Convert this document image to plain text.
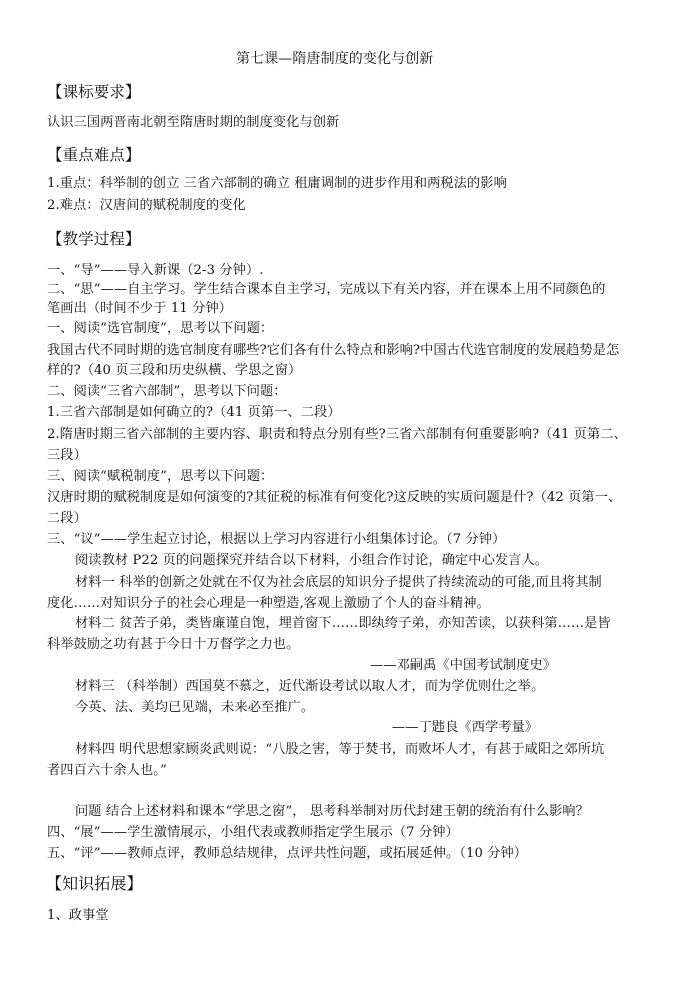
第七课—隋唐制度的变化与创新
【课标要求】
认识三国两晋南北朝至隋唐时期的制度变化与创新
【重点难点】
1.重点：科举制的创立 三省六部制的确立 租庸调制的进步作用和两税法的影响
2.难点：汉唐间的赋税制度的变化
【教学过程】
一、“导”——导入新课（2-3 分钟）.
二、“思”——自主学习。学生结合课本自主学习，完成以下有关内容，并在课本上用不同颜色的
笔画出（时间不少于 11 分钟）
一、阅读“选官制度”，思考以下问题：
我国古代不同时期的选官制度有哪些?它们各有什么特点和影响?中国古代选官制度的发展趋势是怎
样的?（40 页三段和历史纵横、学思之窗）
二、阅读“三省六部制”，思考以下问题：
1.三省六部制是如何确立的?（41 页第一、二段）
2.隋唐时期三省六部制的主要内容、职责和特点分别有些?三省六部制有何重要影响?（41 页第二、
三段）
三、阅读“赋税制度”，思考以下问题：
汉唐时期的赋税制度是如何演变的?其征税的标准有何变化?这反映的实质问题是什?（42 页第一、
二段）
三、“议”——学生起立讨论，根据以上学习内容进行小组集体讨论。（7 分钟）
阅读教材 P22 页的问题探究并结合以下材料，小组合作讨论，确定中心发言人。
材料一 科举的创新之处就在不仅为社会底层的知识分子提供了持续流动的可能,而且将其制
度化……对知识分子的社会心理是一种塑造,客观上激励了个人的奋斗精神。
材料二 贫苦子弟，类皆廉谨自饱，埋首窗下……即纨绔子弟，亦知苦读，以获科第……是皆
科举鼓励之功有甚于今日十万督学之力也。
——邓嗣禹《中国考试制度史》
材料三 （科举制）西国莫不慕之，近代渐设考试以取人才，而为学优则仕之举。
今英、法、美均已见端，未来必至推广。
——丁韪良《西学考量》
材料四 明代思想家顾炎武则说：“八股之害，等于焚书，而败坏人才，有甚于咸阳之郊所坑
者四百六十余人也。”
问题 结合上述材料和课本“学思之窗”， 思考科举制对历代封建王朝的统治有什么影响？
四、“展”——学生激情展示，小组代表或教师指定学生展示（7 分钟）
五、“评”——教师点评，教师总结规律，点评共性问题，或拓展延伸。（10 分钟）
【知识拓展】
1、政事堂
